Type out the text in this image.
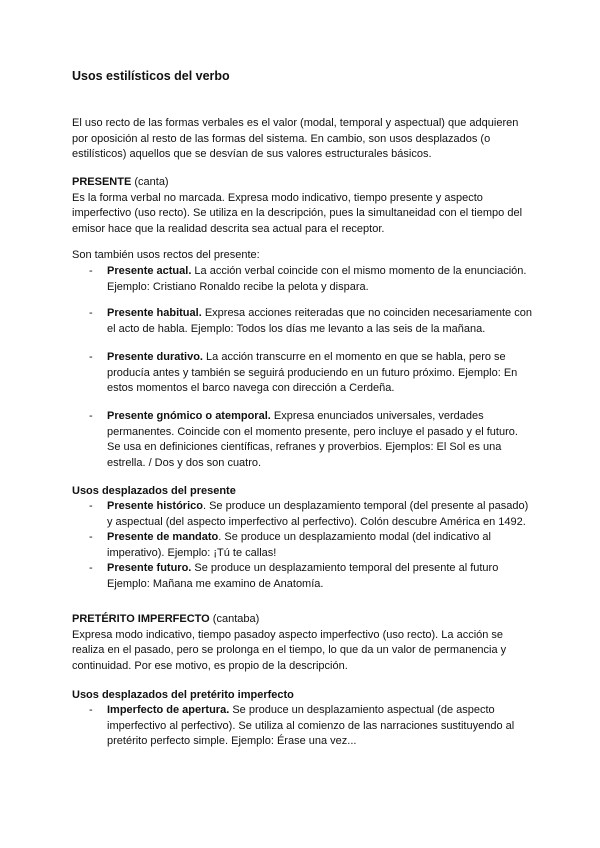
Usos estilísticos del verbo

El uso recto de las formas verbales es el valor (modal, temporal y aspectual) que adquieren por oposición al resto de las formas del sistema. En cambio, son usos desplazados (o estilísticos) aquellos que se desvían de sus valores estructurales básicos.

PRESENTE (canta)

Es la forma verbal no marcada. Expresa modo indicativo, tiempo presente y aspecto imperfectivo (uso recto). Se utiliza en la descripción, pues la simultaneidad con el tiempo del emisor hace que la realidad descrita sea actual para el receptor.

Son también usos rectos del presente:

- Presente actual. La acción verbal coincide con el mismo momento de la enunciación. Ejemplo: Cristiano Ronaldo recibe la pelota y dispara.
- Presente habitual. Expresa acciones reiteradas que no coinciden necesariamente con el acto de habla. Ejemplo: Todos los días me levanto a las seis de la mañana.
- Presente durativo. La acción transcurre en el momento en que se habla, pero se producía antes y también se seguirá produciendo en un futuro próximo. Ejemplo: En estos momentos el barco navega con dirección a Cerdeña.
- Presente gnómico o atemporal. Expresa enunciados universales, verdades permanentes. Coincide con el momento presente, pero incluye el pasado y el futuro. Se usa en definiciones científicas, refranes y proverbios. Ejemplos: El Sol es una estrella. / Dos y dos son cuatro.
Usos desplazados del presente
- Presente histórico. Se produce un desplazamiento temporal (del presente al pasado) y aspectual (del aspecto imperfectivo al perfectivo). Colón descubre América en 1492.
- Presente de mandato. Se produce un desplazamiento modal (del indicativo al imperativo). Ejemplo: ¡Tú te callas!
- Presente futuro. Se produce un desplazamiento temporal del presente al futuro Ejemplo: Mañana me examino de Anatomía.
PRETÉRITO IMPERFECTO (cantaba)

Expresa modo indicativo, tiempo pasadoy aspecto imperfectivo (uso recto). La acción se realiza en el pasado, pero se prolonga en el tiempo, lo que da un valor de permanencia y continuidad. Por ese motivo, es propio de la descripción.

Usos desplazados del pretérito imperfecto
- Imperfecto de apertura. Se produce un desplazamiento aspectual (de aspecto imperfectivo al perfectivo). Se utiliza al comienzo de las narraciones sustituyendo al pretérito perfecto simple. Ejemplo: Érase una vez...
